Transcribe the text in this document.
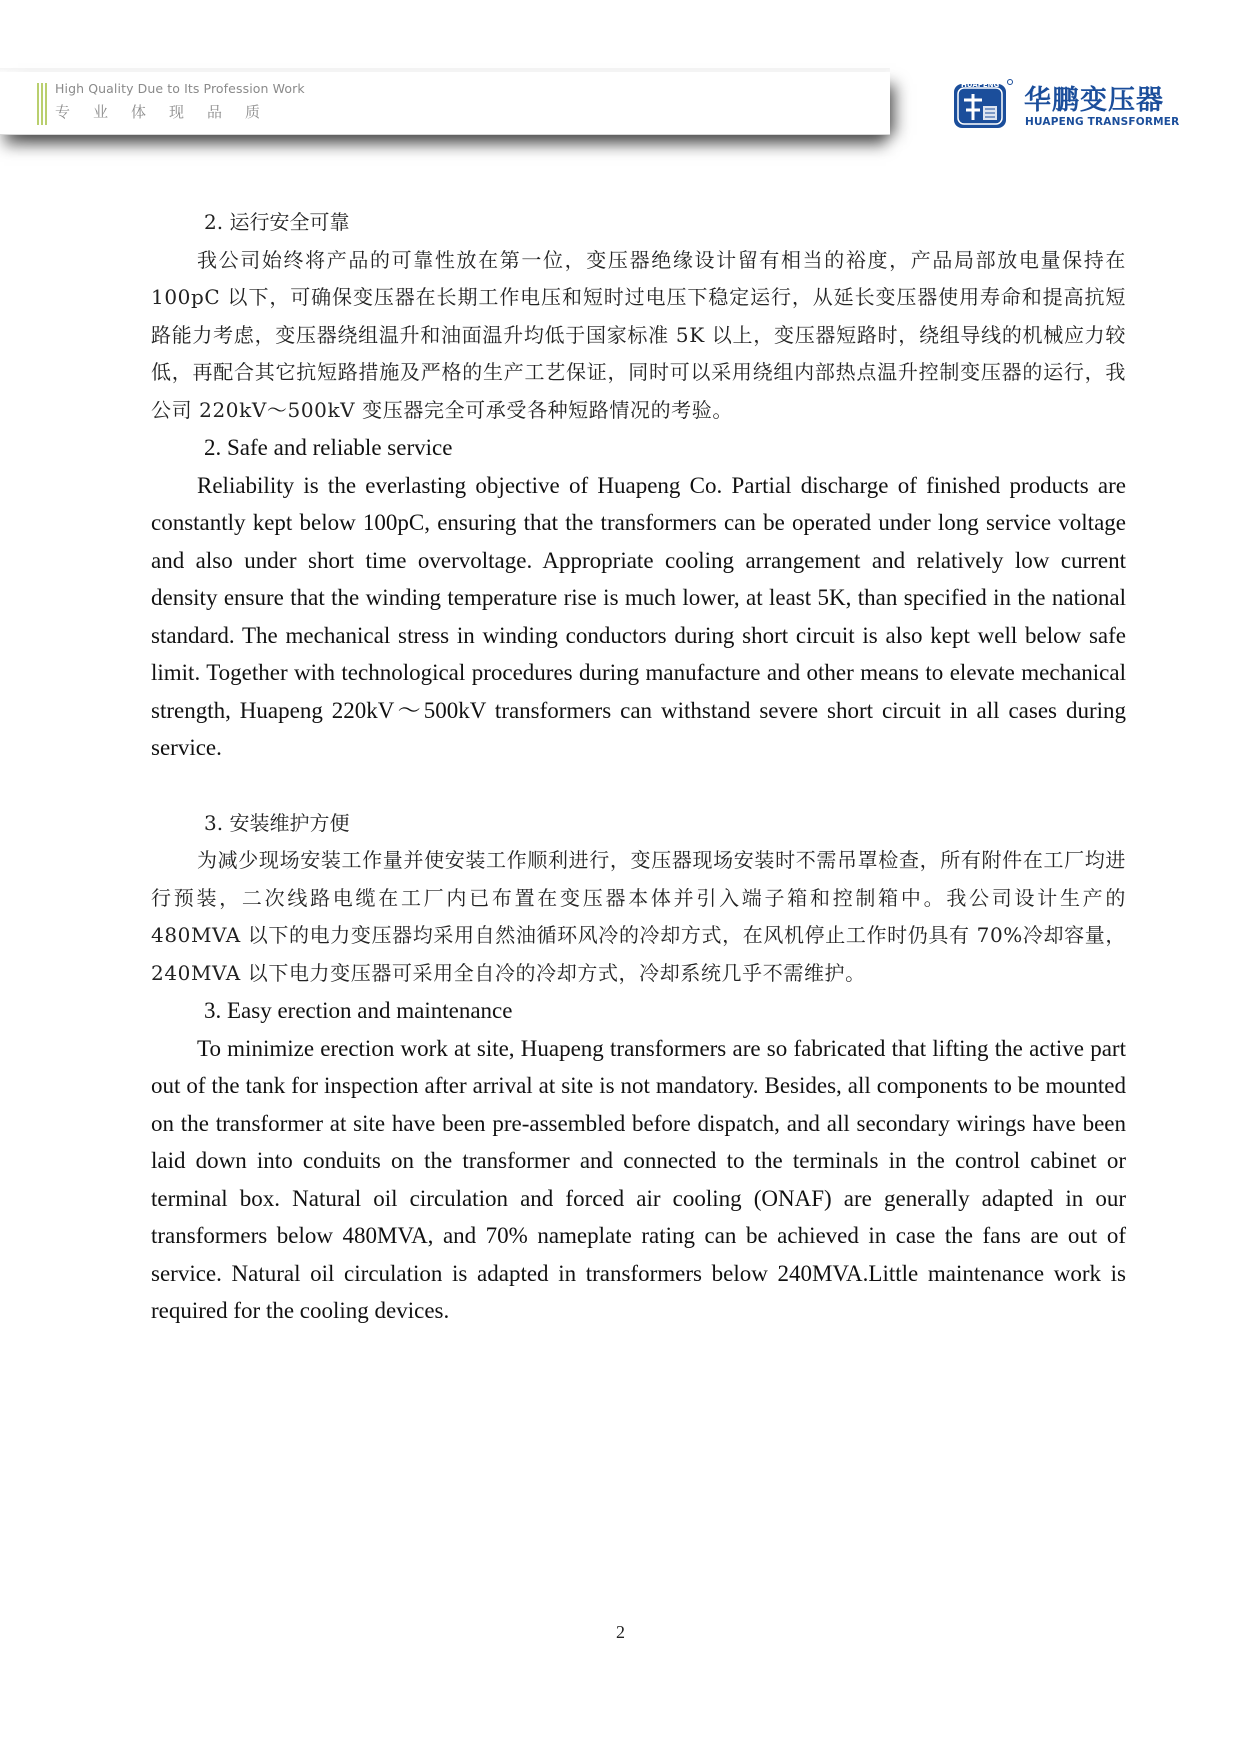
High Quality Due to Its Profession Work
专业体现品质
HUAPENG 华鹏变压器
HUAPENG TRANSFORMER

2. 运行安全可靠

我公司始终将产品的可靠性放在第一位，变压器绝缘设计留有相当的裕度，产品局部放电量保持在 100pC 以下，可确保变压器在长期工作电压和短时过电压下稳定运行，从延长变压器使用寿命和提高抗短路能力考虑，变压器绕组温升和油面温升均低于国家标准 5K 以上，变压器短路时，绕组导线的机械应力较低，再配合其它抗短路措施及严格的生产工艺保证，同时可以采用绕组内部热点温升控制变压器的运行，我公司 220kV～500kV 变压器完全可承受各种短路情况的考验。

2. Safe and reliable service

Reliability is the everlasting objective of Huapeng Co. Partial discharge of finished products are constantly kept below 100pC, ensuring that the transformers can be operated under long service voltage and also under short time overvoltage. Appropriate cooling arrangement and relatively low current density ensure that the winding temperature rise is much lower, at least 5K, than specified in the national standard. The mechanical stress in winding conductors during short circuit is also kept well below safe limit. Together with technological procedures during manufacture and other means to elevate mechanical strength, Huapeng 220kV～500kV transformers can withstand severe short circuit in all cases during service.

3. 安装维护方便

为减少现场安装工作量并使安装工作顺利进行，变压器现场安装时不需吊罩检查，所有附件在工厂均进行预装，二次线路电缆在工厂内已布置在变压器本体并引入端子箱和控制箱中。我公司设计生产的 480MVA 以下的电力变压器均采用自然油循环风冷的冷却方式，在风机停止工作时仍具有 70%冷却容量，240MVA 以下电力变压器可采用全自冷的冷却方式，冷却系统几乎不需维护。

3. Easy erection and maintenance

To minimize erection work at site, Huapeng transformers are so fabricated that lifting the active part out of the tank for inspection after arrival at site is not mandatory. Besides, all components to be mounted on the transformer at site have been pre-assembled before dispatch, and all secondary wirings have been laid down into conduits on the transformer and connected to the terminals in the control cabinet or terminal box. Natural oil circulation and forced air cooling (ONAF) are generally adapted in our transformers below 480MVA, and 70% nameplate rating can be achieved in case the fans are out of service. Natural oil circulation is adapted in transformers below 240MVA.Little maintenance work is required for the cooling devices.

2
